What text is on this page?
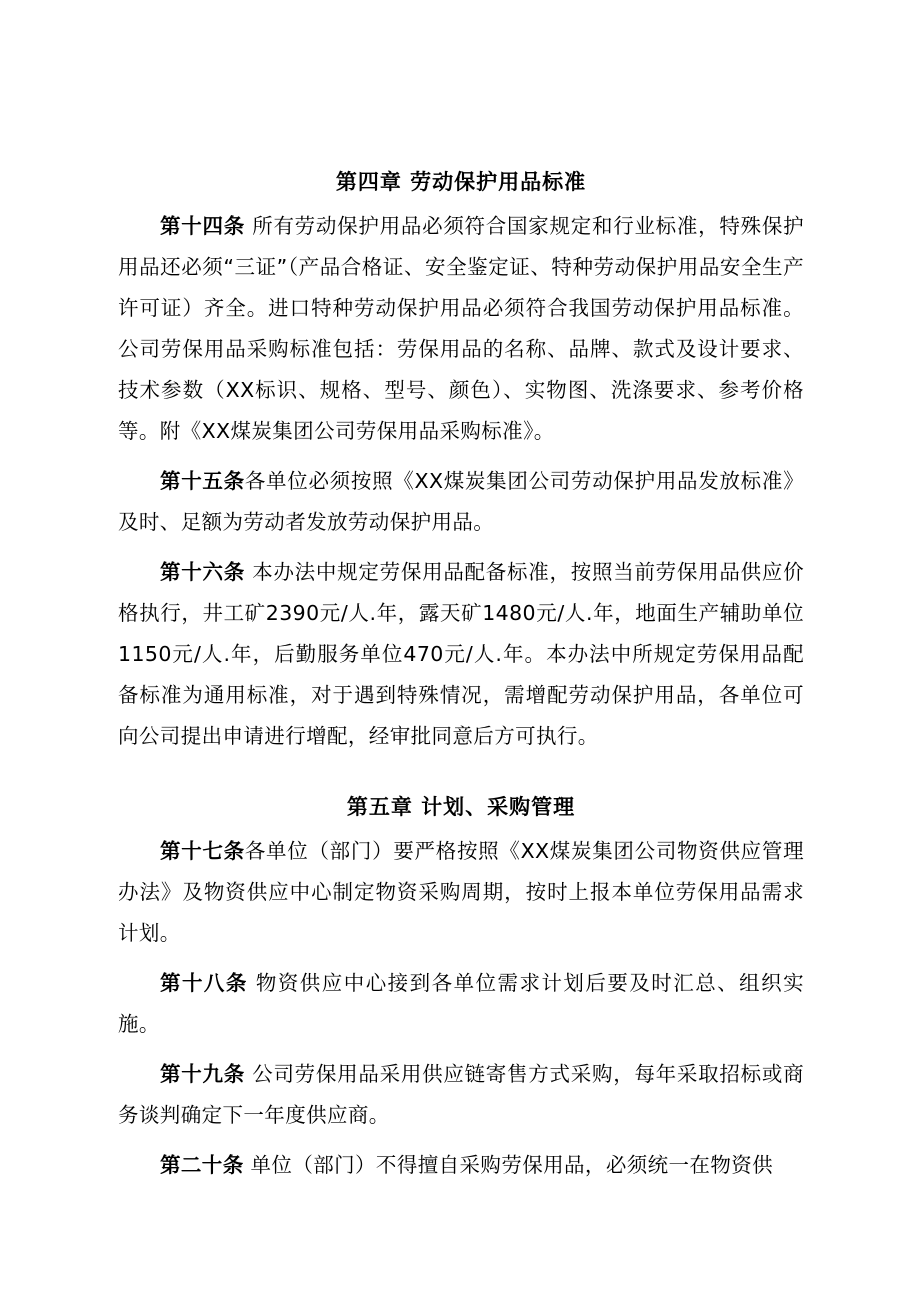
第四章 劳动保护用品标准

第十四条 所有劳动保护用品必须符合国家规定和行业标准，特殊保护用品还必须“三证”（产品合格证、安全鉴定证、特种劳动保护用品安全生产许可证）齐全。进口特种劳动保护用品必须符合我国劳动保护用品标准。公司劳保用品采购标准包括：劳保用品的名称、品牌、款式及设计要求、技术参数（XX标识、规格、型号、颜色）、实物图、洗涤要求、参考价格等。附《XX煤炭集团公司劳保用品采购标准》。

第十五条各单位必须按照《XX煤炭集团公司劳动保护用品发放标准》及时、足额为劳动者发放劳动保护用品。

第十六条 本办法中规定劳保用品配备标准，按照当前劳保用品供应价格执行，井工矿2390元/人.年，露天矿1480元/人.年，地面生产辅助单位1150元/人.年，后勤服务单位470元/人.年。本办法中所规定劳保用品配备标准为通用标准，对于遇到特殊情况，需增配劳动保护用品，各单位可向公司提出申请进行增配，经审批同意后方可执行。

第五章 计划、采购管理

第十七条各单位（部门）要严格按照《XX煤炭集团公司物资供应管理办法》及物资供应中心制定物资采购周期，按时上报本单位劳保用品需求计划。

第十八条 物资供应中心接到各单位需求计划后要及时汇总、组织实施。

第十九条 公司劳保用品采用供应链寄售方式采购，每年采取招标或商务谈判确定下一年度供应商。

第二十条 单位（部门）不得擅自采购劳保用品，必须统一在物资供
